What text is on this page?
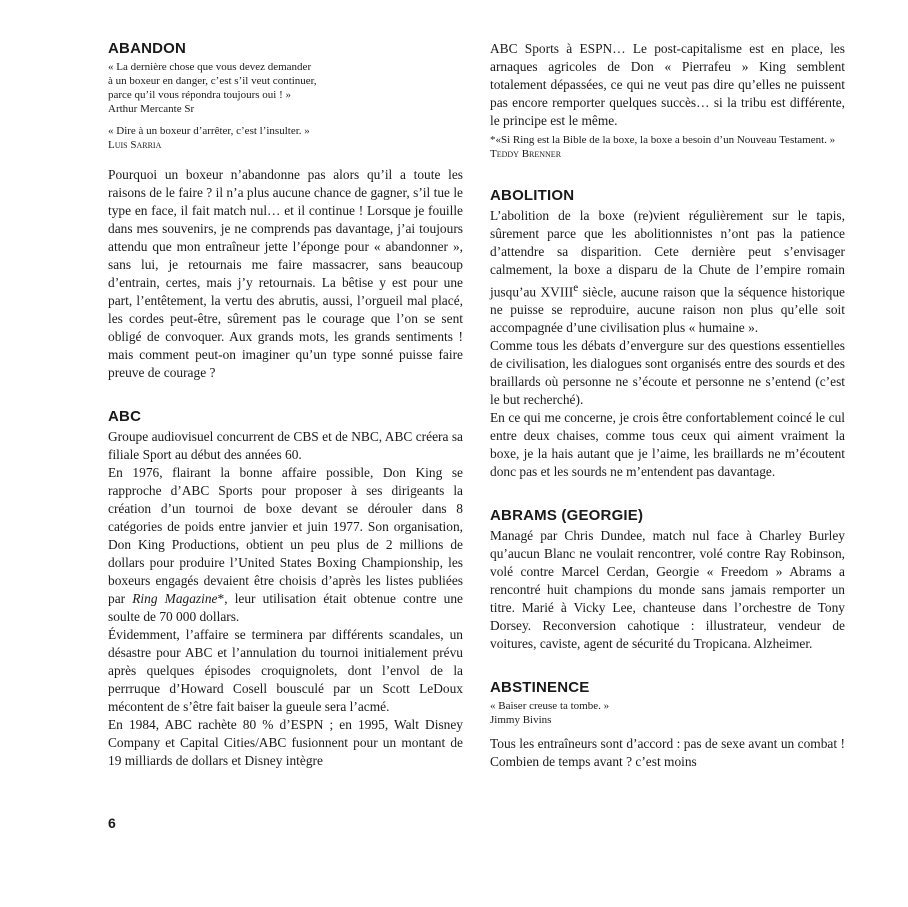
ABANDON

« La dernière chose que vous devez demander

à un boxeur en danger, c’est s’il veut continuer,

parce qu’il vous répondra toujours oui ! »

Arthur Mercante Sr

« Dire à un boxeur d’arrêter, c’est l’insulter. »

Luis Sarria

Pourquoi un boxeur n’abandonne pas alors qu’il a toute les raisons de le faire ? il n’a plus aucune chance de gagner, s’il tue le type en face, il fait match nul… et il continue ! Lorsque je fouille dans mes souvenirs, je ne comprends pas davantage, j’ai toujours attendu que mon entraîneur jette l’éponge pour « abandonner », sans lui, je retournais me faire massacrer, sans beaucoup d’entrain, certes, mais j’y retournais. La bêtise y est pour une part, l’entêtement, la vertu des abrutis, aussi, l’orgueil mal placé, les cordes peut-être, sûrement pas le courage que l’on se sent obligé de convoquer. Aux grands mots, les grands sentiments ! mais comment peut-on imaginer qu’un type sonné puisse faire preuve de courage ?

ABC

Groupe audiovisuel concurrent de CBS et de NBC, ABC créera sa filiale Sport au début des années 60.

En 1976, flairant la bonne affaire possible, Don King se rapproche d’ABC Sports pour proposer à ses dirigeants la création d’un tournoi de boxe devant se dérouler dans 8 catégories de poids entre janvier et juin 1977. Son organisation, Don King Productions, obtient un peu plus de 2 millions de dollars pour produire l’United States Boxing Championship, les boxeurs engagés devaient être choisis d’après les listes publiées par Ring Magazine*, leur utilisation était obtenue contre une soulte de 70 000 dollars.

Évidemment, l’affaire se terminera par différents scandales, un désastre pour ABC et l’annulation du tournoi initialement prévu après quelques épisodes croquignolets, dont l’envol de la perrruque d’Howard Cosell bousculé par un Scott LeDoux mécontent de s’être fait baiser la gueule sera l’acmé.

En 1984, ABC rachète 80 % d’ESPN ; en 1995, Walt Disney Company et Capital Cities/ABC fusionnent pour un montant de 19 milliards de dollars et Disney intègre

ABC Sports à ESPN… Le post-capitalisme est en place, les arnaques agricoles de Don « Pierrafeu » King semblent totalement dépassées, ce qui ne veut pas dire qu’elles ne puissent pas encore remporter quelques succès… si la tribu est différente, le principe est le même.

*«Si Ring est la Bible de la boxe, la boxe a besoin d’un Nouveau Testament. » Teddy Brenner

ABOLITION

L’abolition de la boxe (re)vient régulièrement sur le tapis, sûrement parce que les abolitionnistes n’ont pas la patience d’attendre sa disparition. Cete dernière peut s’envisager calmement, la boxe a disparu de la Chute de l’empire romain jusqu’au XVIIIe siècle, aucune raison que la séquence historique ne puisse se reproduire, aucune raison non plus qu’elle soit accompagnée d’une civilisation plus « humaine ».

Comme tous les débats d’envergure sur des questions essentielles de civilisation, les dialogues sont organisés entre des sourds et des braillards où personne ne s’écoute et personne ne s’entend (c’est le but recherché).

En ce qui me concerne, je crois être confortablement coincé le cul entre deux chaises, comme tous ceux qui aiment vraiment la boxe, je la hais autant que je l’aime, les braillards ne m’écoutent donc pas et les sourds ne m’entendent pas davantage.

ABRAMS (GEORGIE)

Managé par Chris Dundee, match nul face à Charley Burley qu’aucun Blanc ne voulait rencontrer, volé contre Ray Robinson, volé contre Marcel Cerdan, Georgie « Freedom » Abrams a rencontré huit champions du monde sans jamais remporter un titre. Marié à Vicky Lee, chanteuse dans l’orchestre de Tony Dorsey. Reconversion cahotique : illustrateur, vendeur de voitures, caviste, agent de sécurité du Tropicana. Alzheimer.

ABSTINENCE

« Baiser creuse ta tombe. »

Jimmy Bivins

Tous les entraîneurs sont d’accord : pas de sexe avant un combat ! Combien de temps avant ? c’est moins

6
